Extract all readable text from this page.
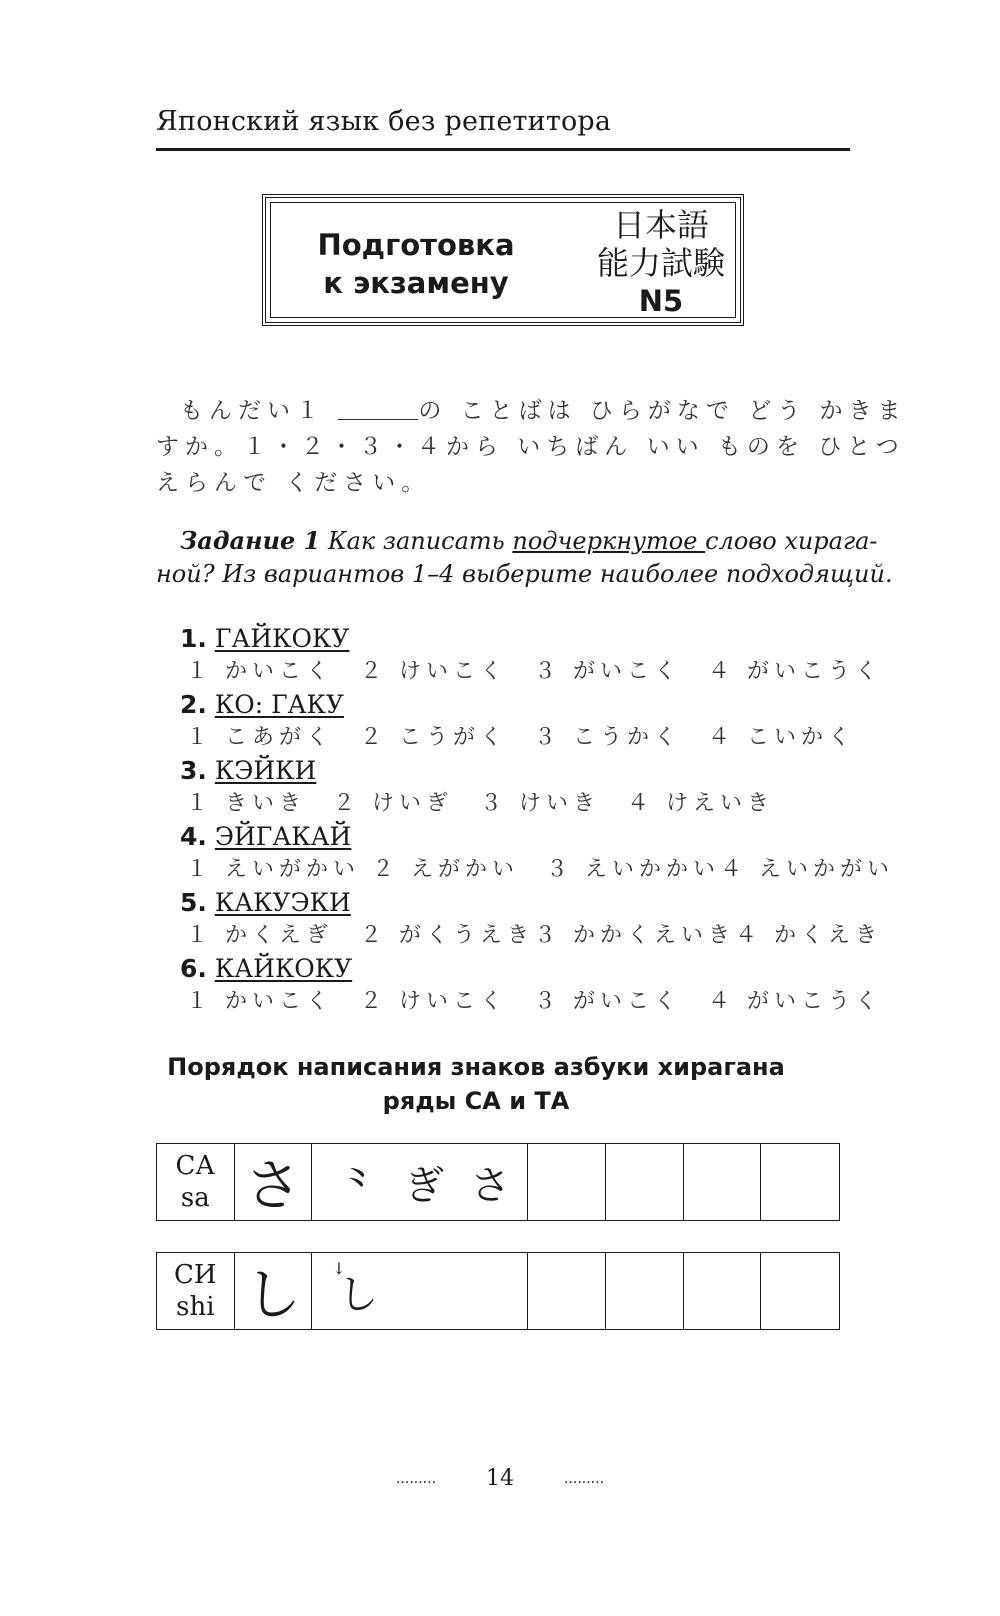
Японский язык без репетитора
Подготовка
к экзамену
日本語
能力試験
N5
もんだい１	の ことばは ひらがなで どう かきま
すか。１・２・３・４から いちばん いい ものを ひとつ
えらんで ください。
Задание 1 Как записать подчеркнутое слово хирага-
ной? Из вариантов 1–4 выберите наиболее подходящий.
1. ГАЙКОКУ
１ かいこく　２ けいこく　３ がいこく　４ がいこうく
2. КО: ГАКУ
１ こあがく　２ こうがく　３ こうかく　４ こいかく
3. КЭЙКИ
１ きいき　２ けいぎ　３ けいき　４ けえいき
4. ЭЙГАКАЙ
１ えいがかい ２ えがかい　３ えいかかい４ えいかがい
5. КАКУЭКИ
１ かくえぎ　２ がくうえき３ かかくえいき４ かくえき
6. КАЙКОКУ
１ かいこく　２ けいこく　３ がいこく　４ がいこうく
Порядок написания знаков азбуки хирагана
ряды СА и ТА
СА
sa さ ⺀ ぎ さ
СИ
shi し ↓
し
......... 14	.........
